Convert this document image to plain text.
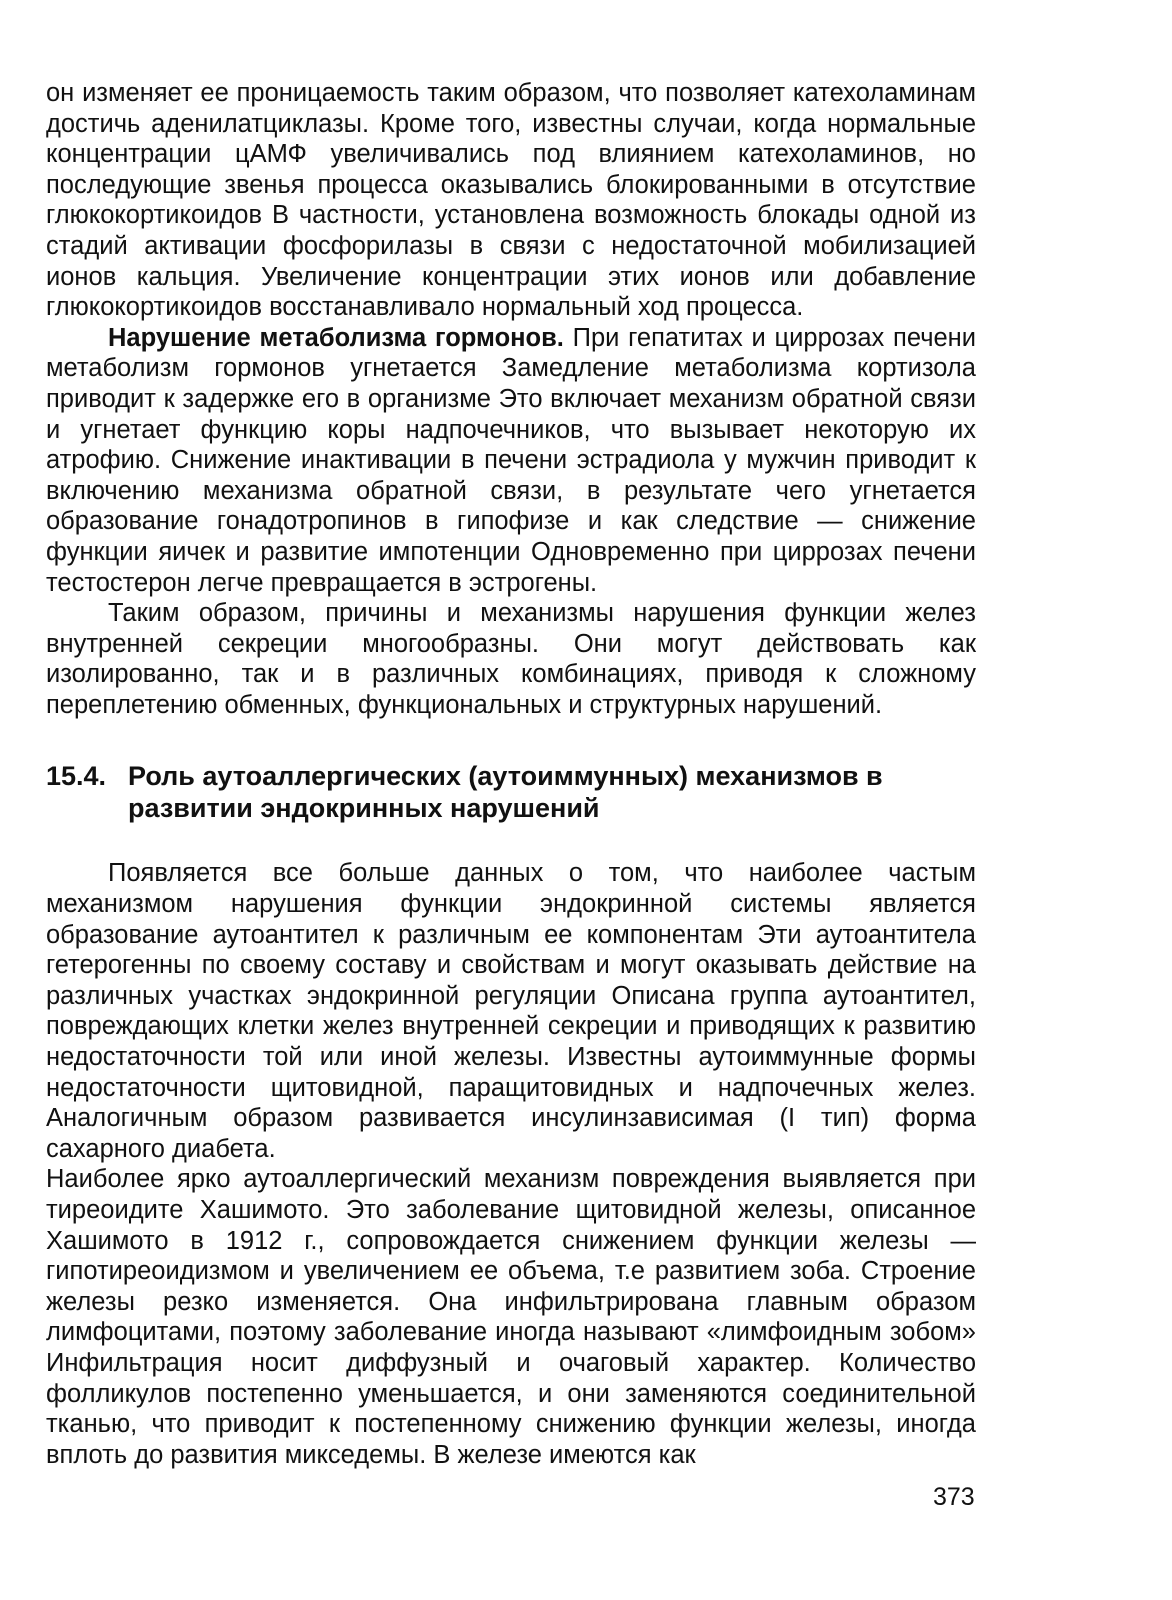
он изменяет ее проницаемость таким образом, что позволяет катехоламинам достичь аденилатциклазы. Кроме того, известны случаи, когда нормальные концентрации цАМФ увеличивались под влиянием катехоламинов, но последующие звенья процесса оказывались блокированными в отсутствие глюкокортикоидов В частности, установлена возможность блокады одной из стадий активации фосфорилазы в связи с недостаточной мобилизацией ионов кальция. Увеличение концентрации этих ионов или добавление глюкокортикоидов восстанавливало нормальный ход процесса.

Нарушение метаболизма гормонов. При гепатитах и циррозах печени метаболизм гормонов угнетается Замедление метаболизма кортизола приводит к задержке его в организме Это включает механизм обратной связи и угнетает функцию коры надпочечников, что вызывает некоторую их атрофию. Снижение инактивации в печени эстрадиола у мужчин приводит к включению механизма обратной связи, в результате чего угнетается образование гонадотропинов в гипофизе и как следствие — снижение функции яичек и развитие импотенции Одновременно при циррозах печени тестостерон легче превращается в эстрогены.

Таким образом, причины и механизмы нарушения функции желез внутренней секреции многообразны. Они могут действовать как изолированно, так и в различных комбинациях, приводя к сложному переплетению обменных, функциональных и структурных нарушений.

15.4. Роль аутоаллергических (аутоиммунных) механизмов в развитии эндокринных нарушений

Появляется все больше данных о том, что наиболее частым механизмом нарушения функции эндокринной системы является образование аутоантител к различным ее компонентам Эти аутоантитела гетерогенны по своему составу и свойствам и могут оказывать действие на различных участках эндокринной регуляции Описана группа аутоантител, повреждающих клетки желез внутренней секреции и приводящих к развитию недостаточности той или иной железы. Известны аутоиммунные формы недостаточности щитовидной, паращитовидных и надпочечных желез. Аналогичным образом развивается инсулинзависимая (I тип) форма сахарного диабета.

Наиболее ярко аутоаллергический механизм повреждения выявляется при тиреоидите Хашимото. Это заболевание щитовидной железы, описанное Хашимото в 1912 г., сопровождается снижением функции железы — гипотиреоидизмом и увеличением ее объема, т.е развитием зоба. Строение железы резко изменяется. Она инфильтрирована главным образом лимфоцитами, поэтому заболевание иногда называют «лимфоидным зобом» Инфильтрация носит диффузный и очаговый характер. Количество фолликулов постепенно уменьшается, и они заменяются соединительной тканью, что приводит к постепенному снижению функции железы, иногда вплоть до развития микседемы. В железе имеются как

373
